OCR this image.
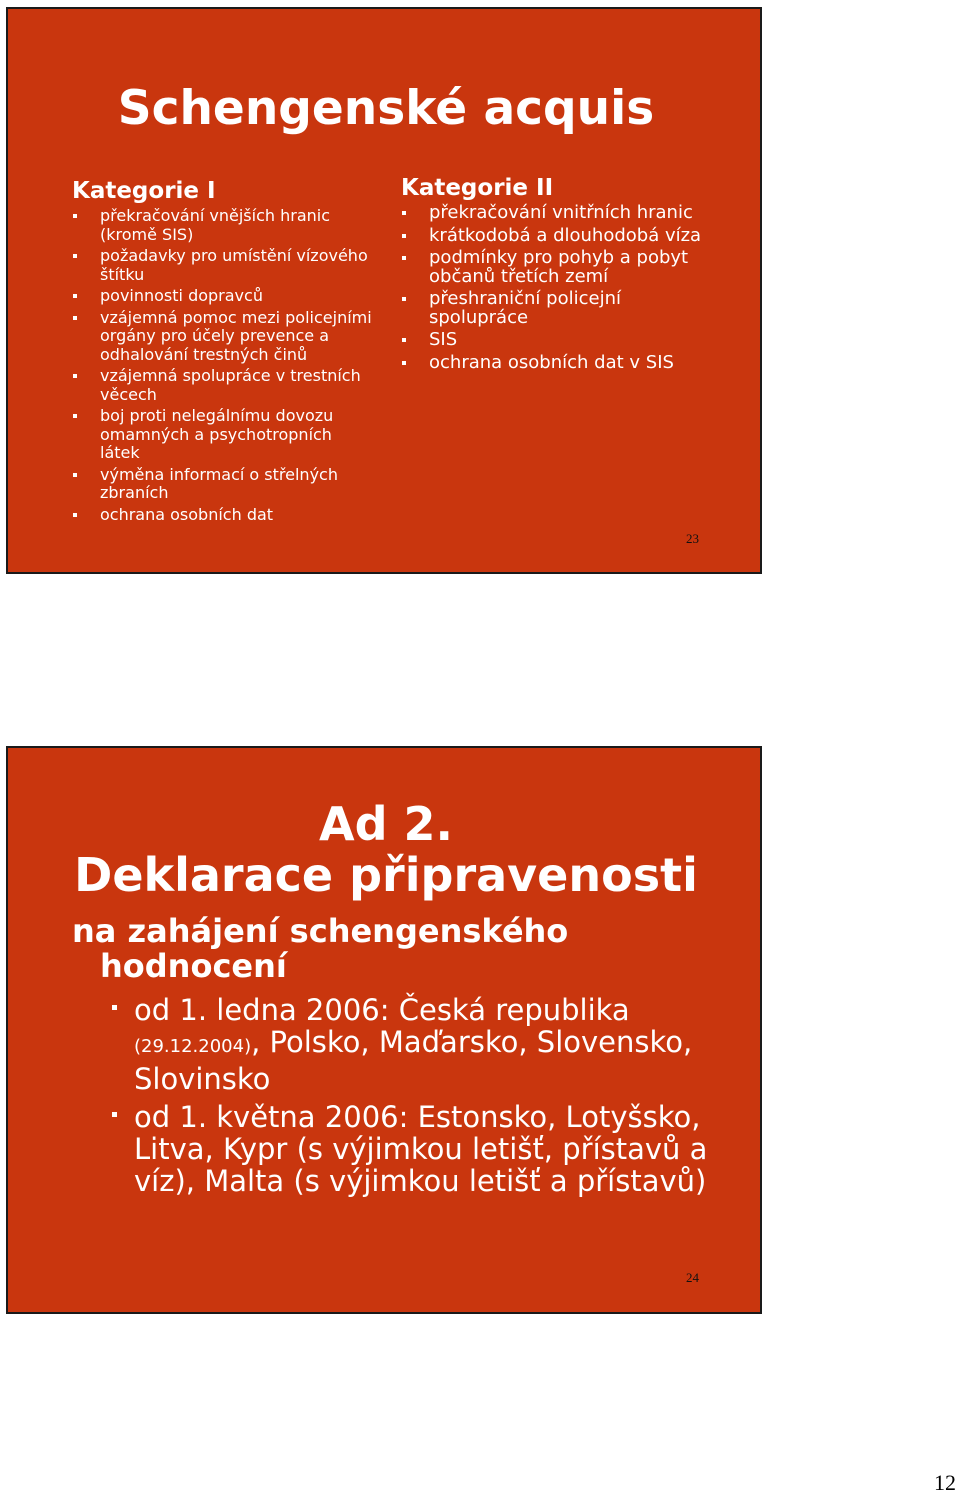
Schengenské acquis
Kategorie I
překračování vnějších hranic (kromě SIS)
požadavky pro umístění vízového štítku
povinnosti dopravců
vzájemná pomoc mezi policejními orgány pro účely prevence a odhalování trestných činů
vzájemná spolupráce v trestních věcech
boj proti nelegálnímu dovozu omamných a psychotropních látek
výměna informací o střelných zbraních
ochrana osobních dat
Kategorie II
překračování vnitřních hranic
krátkodobá a dlouhodobá víza
podmínky pro pohyb a pobyt občanů třetích zemí
přeshraniční policejní spolupráce
SIS
ochrana osobních dat v SIS
23
Ad 2.
Deklarace připravenosti
na zahájení schengenského hodnocení
od 1. ledna 2006: Česká republika
(29.12.2004), Polsko, Maďarsko, Slovensko, Slovinsko
od 1. května 2006: Estonsko, Lotyšsko, Litva, Kypr (s výjimkou letišť, přístavů a víz), Malta (s výjimkou letišť a přístavů)
24
12
